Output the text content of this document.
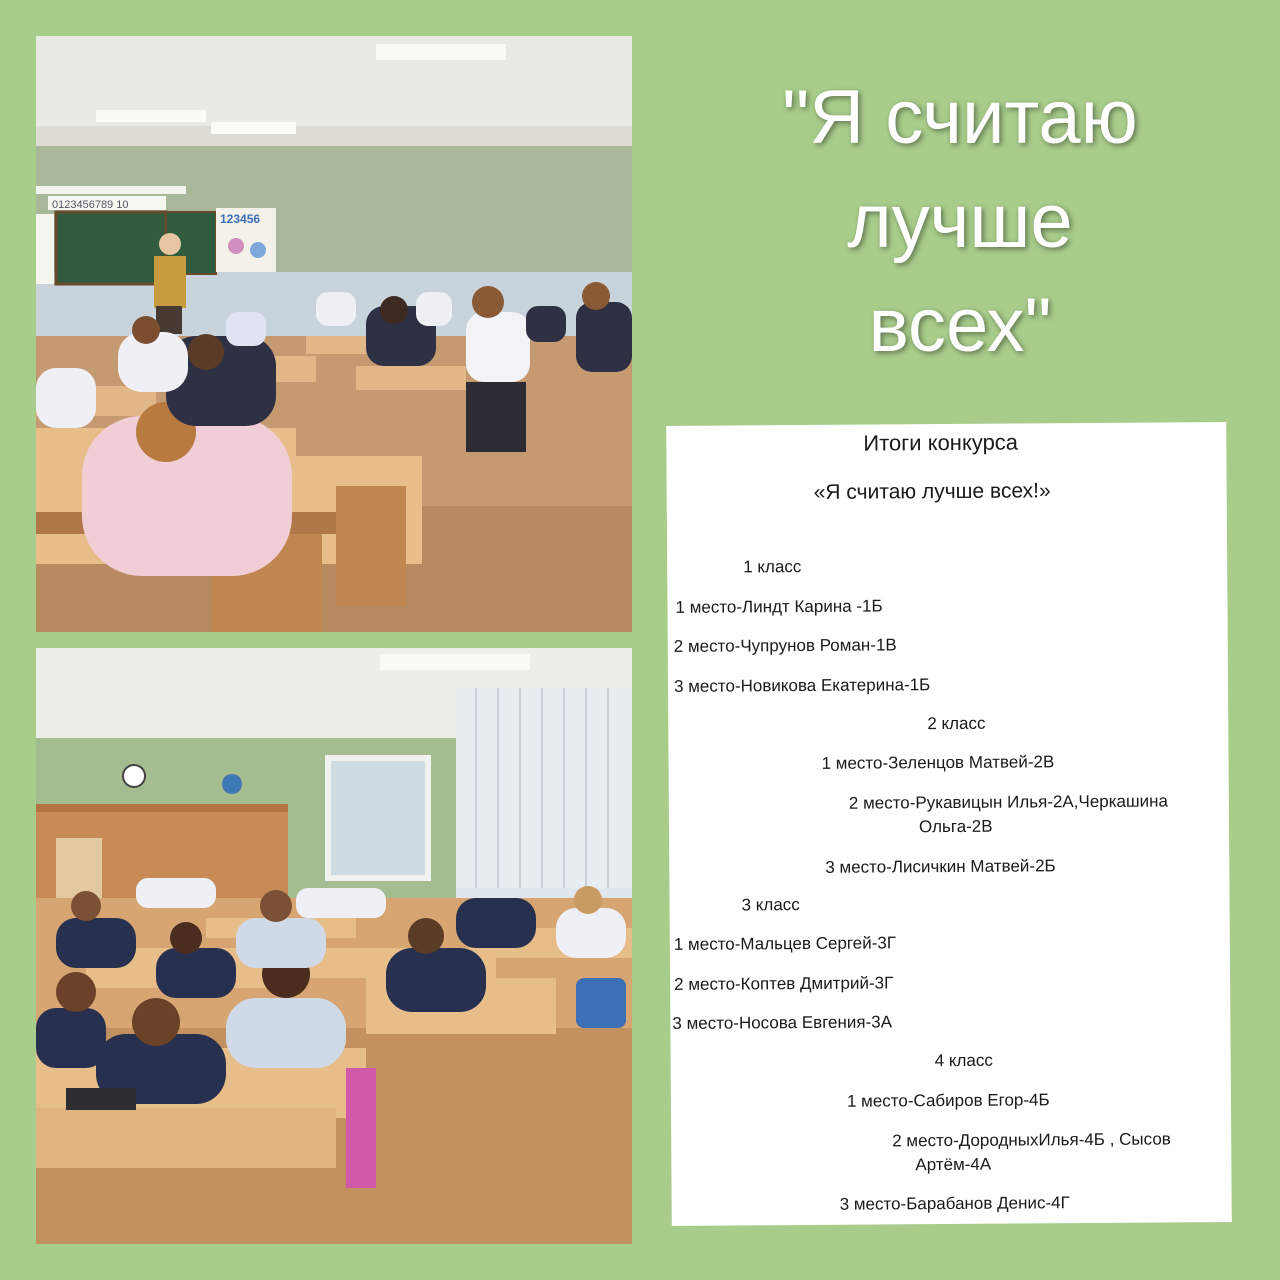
0123456789 10
123456
"Я считаю
лучше
всех"
Итоги конкурса
«Я считаю лучше всех!»
1 класс
1 место-Линдт Карина -1Б
2 место-Чупрунов Роман-1В
3 место-Новикова Екатерина-1Б
2 класс
1 место-Зеленцов Матвей-2В
2 место-Рукавицын Илья-2А,Черкашина
Ольга-2В
3 место-Лисичкин Матвей-2Б
3 класс
1 место-Мальцев Сергей-3Г
2 место-Коптев Дмитрий-3Г
3 место-Носова Евгения-3А
4 класс
1 место-Сабиров Егор-4Б
2 место-ДородныхИлья-4Б , Сысов
Артём-4А
3 место-Барабанов Денис-4Г
